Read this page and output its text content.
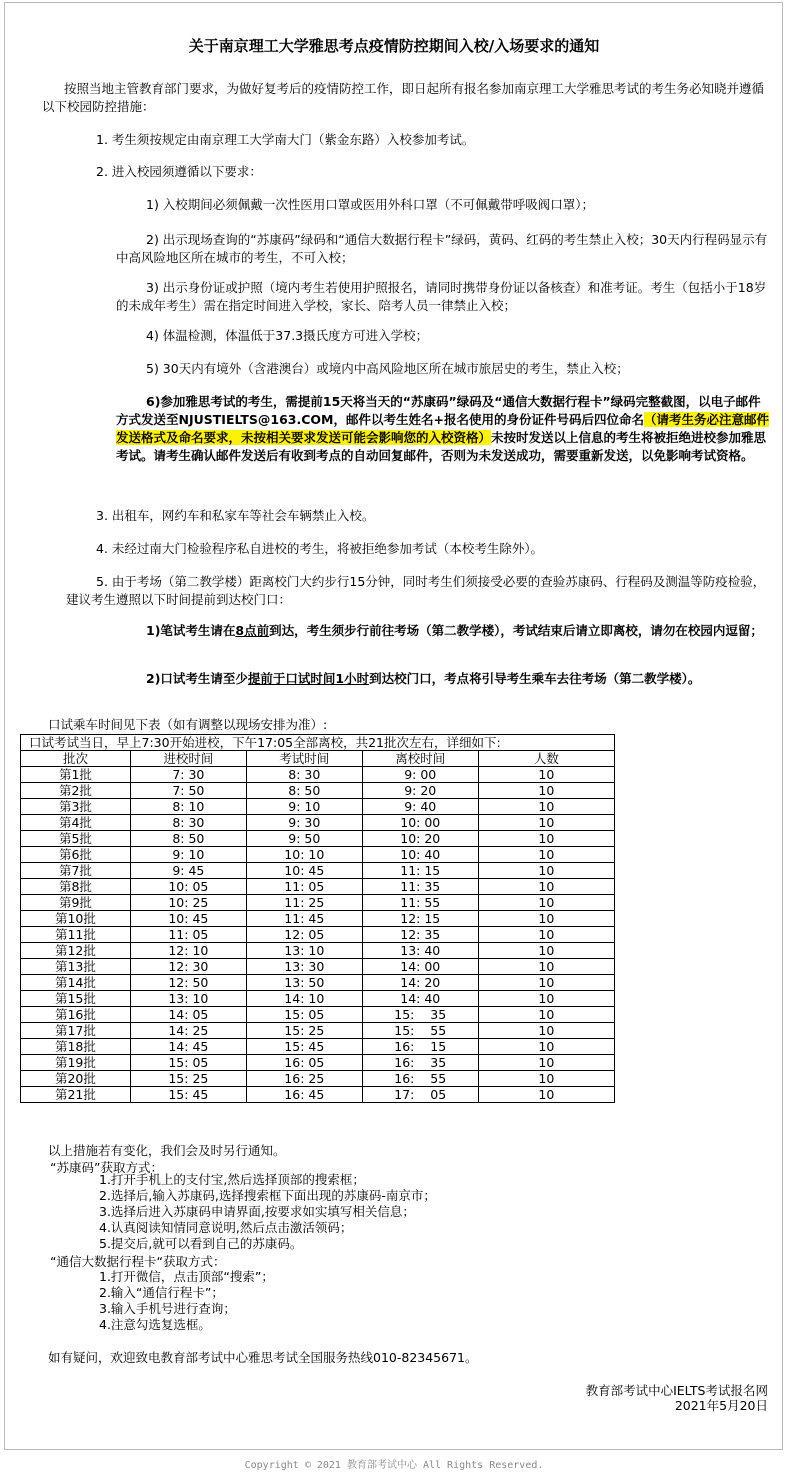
关于南京理工大学雅思考点疫情防控期间入校/入场要求的通知
按照当地主管教育部门要求，为做好复考后的疫情防控工作，即日起所有报名参加南京理工大学雅思考试的考生务必知晓并遵循以下校园防控措施：
1. 考生须按规定由南京理工大学南大门（紫金东路）入校参加考试。
2. 进入校园须遵循以下要求：
1) 入校期间必须佩戴一次性医用口罩或医用外科口罩（不可佩戴带呼吸阀口罩）；
2) 出示现场查询的“苏康码”绿码和“通信大数据行程卡”绿码，黄码、红码的考生禁止入校；30天内行程码显示有中高风险地区所在城市的考生，不可入校；
3) 出示身份证或护照（境内考生若使用护照报名，请同时携带身份证以备核查）和准考证。考生（包括小于18岁的未成年考生）需在指定时间进入学校，家长、陪考人员一律禁止入校；
4) 体温检测，体温低于37.3摄氏度方可进入学校；
5) 30天内有境外（含港澳台）或境内中高风险地区所在城市旅居史的考生，禁止入校；
6)参加雅思考试的考生，需提前15天将当天的“苏康码”绿码及“通信大数据行程卡”绿码完整截图，以电子邮件方式发送至NJUSTIELTS@163.COM，邮件以考生姓名+报名使用的身份证件号码后四位命名（请考生务必注意邮件发送格式及命名要求，未按相关要求发送可能会影响您的入校资格）未按时发送以上信息的考生将被拒绝进校参加雅思考试。请考生确认邮件发送后有收到考点的自动回复邮件，否则为未发送成功，需要重新发送，以免影响考试资格。
3. 出租车，网约车和私家车等社会车辆禁止入校。
4. 未经过南大门检验程序私自进校的考生，将被拒绝参加考试（本校考生除外）。
5. 由于考场（第二教学楼）距离校门大约步行15分钟，同时考生们须接受必要的查验苏康码、行程码及测温等防疫检验，建议考生遵照以下时间提前到达校门口：
1)笔试考生请在8点前到达，考生须步行前往考场（第二教学楼），考试结束后请立即离校，请勿在校园内逗留；
2)口试考生请至少提前于口试时间1小时到达校门口，考点将引导考生乘车去往考场（第二教学楼）。
口试乘车时间见下表（如有调整以现场安排为准）:
口试考试当日，早上7:30开始进校，下午17:05全部离校，共21批次左右，详细如下:				
批次	进校时间	考试时间	离校时间	人数
第1批	7: 30	8: 30	9: 00	10
第2批	7: 50	8: 50	9: 20	10
第3批	8: 10	9: 10	9: 40	10
第4批	8: 30	9: 30	10: 00	10
第5批	8: 50	9: 50	10: 20	10
第6批	9: 10	10: 10	10: 40	10
第7批	9: 45	10: 45	11: 15	10
第8批	10: 05	11: 05	11: 35	10
第9批	10: 25	11: 25	11: 55	10
第10批	10: 45	11: 45	12: 15	10
第11批	11: 05	12: 05	12: 35	10
第12批	12: 10	13: 10	13: 40	10
第13批	12: 30	13: 30	14: 00	10
第14批	12: 50	13: 50	14: 20	10
第15批	13: 10	14: 10	14: 40	10
第16批	14: 05	15: 05	15:    35	10
第17批	14: 25	15: 25	15:    55	10
第18批	14: 45	15: 45	16:    15	10
第19批	15: 05	16: 05	16:    35	10
第20批	15: 25	16: 25	16:    55	10
第21批	15: 45	16: 45	17:    05	10
以上措施若有变化，我们会及时另行通知。
“苏康码”获取方式：
1.打开手机上的支付宝,然后选择顶部的搜索框；
2.选择后,输入苏康码,选择搜索框下面出现的苏康码-南京市；
3.选择后进入苏康码申请界面,按要求如实填写相关信息；
4.认真阅读知情同意说明,然后点击激活领码；
5.提交后,就可以看到自己的苏康码。
“通信大数据行程卡“获取方式：
1.打开微信，点击顶部“搜索”；
2.输入“通信行程卡”；
3.输入手机号进行查询；
4.注意勾选复选框。
如有疑问，欢迎致电教育部考试中心雅思考试全国服务热线010-82345671。
教育部考试中心IELTS考试报名网
2021年5月20日
Copyright © 2021 教育部考试中心 All Rights Reserved.
